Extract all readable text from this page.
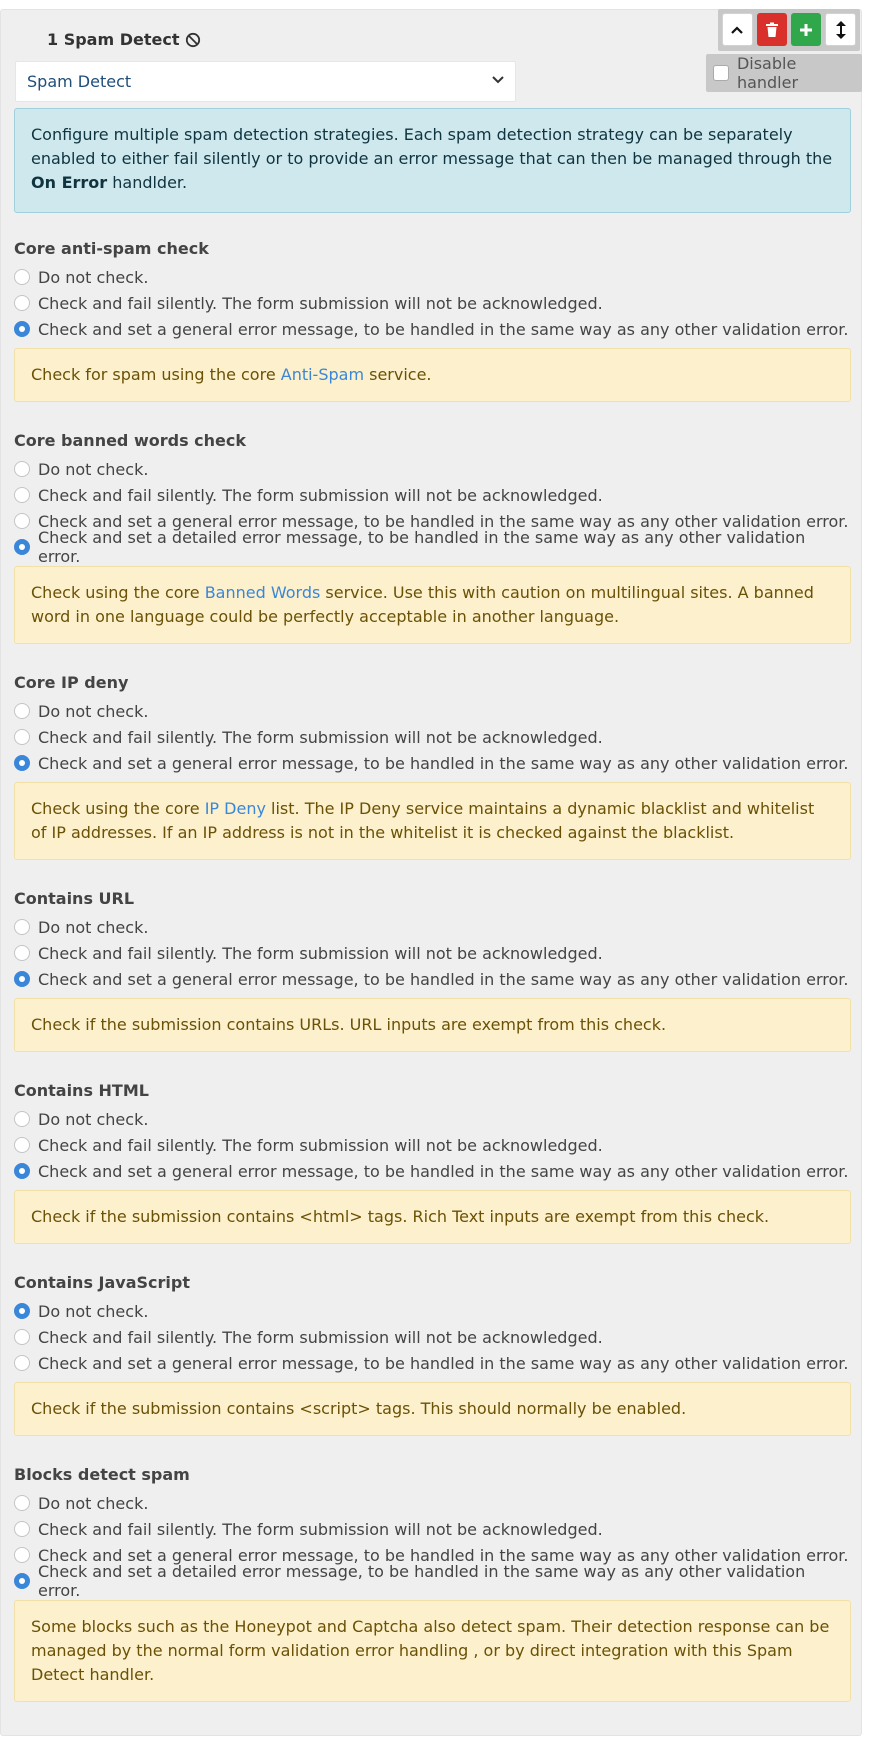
1 Spam Detect
Spam Detect
Disable handler
Configure multiple spam detection strategies. Each spam detection strategy can be separately enabled to either fail silently or to provide an error message that can then be managed through the On Error handlder.
Core anti-spam check
Do not check.
Check and fail silently. The form submission will not be acknowledged.
Check and set a general error message, to be handled in the same way as any other validation error.
Check for spam using the core Anti-Spam service.
Core banned words check
Do not check.
Check and fail silently. The form submission will not be acknowledged.
Check and set a general error message, to be handled in the same way as any other validation error.
Check and set a detailed error message, to be handled in the same way as any other validation error.
Check using the core Banned Words service. Use this with caution on multilingual sites. A banned word in one language could be perfectly acceptable in another language.
Core IP deny
Do not check.
Check and fail silently. The form submission will not be acknowledged.
Check and set a general error message, to be handled in the same way as any other validation error.
Check using the core IP Deny list. The IP Deny service maintains a dynamic blacklist and whitelist of IP addresses. If an IP address is not in the whitelist it is checked against the blacklist.
Contains URL
Do not check.
Check and fail silently. The form submission will not be acknowledged.
Check and set a general error message, to be handled in the same way as any other validation error.
Check if the submission contains URLs. URL inputs are exempt from this check.
Contains HTML
Do not check.
Check and fail silently. The form submission will not be acknowledged.
Check and set a general error message, to be handled in the same way as any other validation error.
Check if the submission contains <html> tags. Rich Text inputs are exempt from this check.
Contains JavaScript
Do not check.
Check and fail silently. The form submission will not be acknowledged.
Check and set a general error message, to be handled in the same way as any other validation error.
Check if the submission contains <script> tags. This should normally be enabled.
Blocks detect spam
Do not check.
Check and fail silently. The form submission will not be acknowledged.
Check and set a general error message, to be handled in the same way as any other validation error.
Check and set a detailed error message, to be handled in the same way as any other validation error.
Some blocks such as the Honeypot and Captcha also detect spam. Their detection response can be managed by the normal form validation error handling , or by direct integration with this Spam Detect handler.
